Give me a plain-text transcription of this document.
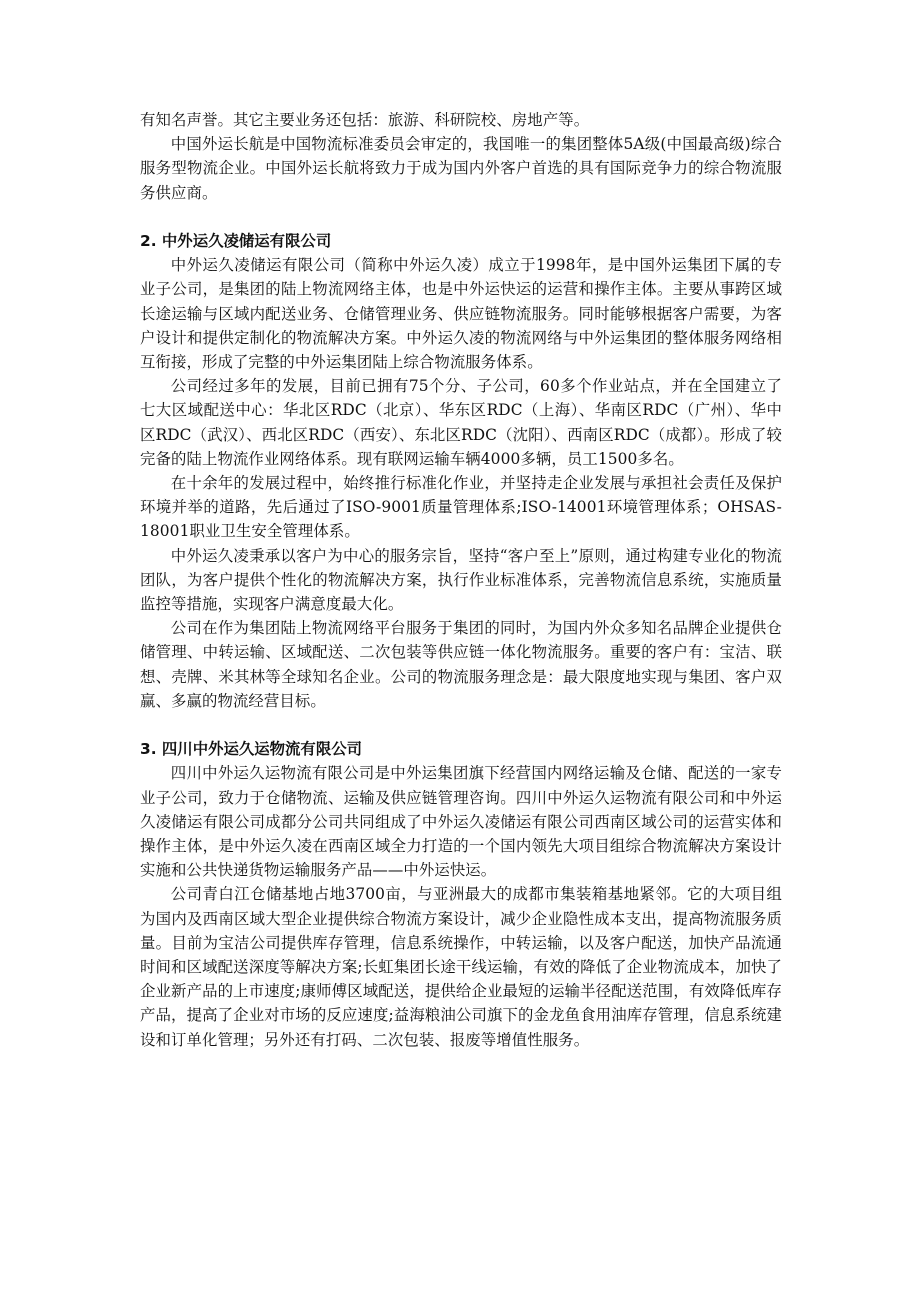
有知名声誉。其它主要业务还包括：旅游、科研院校、房地产等。

中国外运长航是中国物流标准委员会审定的，我国唯一的集团整体5A级(中国最高级)综合服务型物流企业。中国外运长航将致力于成为国内外客户首选的具有国际竞争力的综合物流服务供应商。

2. 中外运久凌储运有限公司

中外运久凌储运有限公司（简称中外运久凌）成立于1998年，是中国外运集团下属的专业子公司，是集团的陆上物流网络主体，也是中外运快运的运营和操作主体。主要从事跨区域长途运输与区域内配送业务、仓储管理业务、供应链物流服务。同时能够根据客户需要，为客户设计和提供定制化的物流解决方案。中外运久凌的物流网络与中外运集团的整体服务网络相互衔接，形成了完整的中外运集团陆上综合物流服务体系。

公司经过多年的发展，目前已拥有75个分、子公司，60多个作业站点，并在全国建立了七大区域配送中心：华北区RDC（北京）、华东区RDC（上海）、华南区RDC（广州）、华中区RDC（武汉）、西北区RDC（西安）、东北区RDC（沈阳）、西南区RDC（成都）。形成了较完备的陆上物流作业网络体系。现有联网运输车辆4000多辆，员工1500多名。

在十余年的发展过程中，始终推行标准化作业，并坚持走企业发展与承担社会责任及保护环境并举的道路，先后通过了ISO-9001质量管理体系;ISO-14001环境管理体系；OHSAS-18001职业卫生安全管理体系。

中外运久凌秉承以客户为中心的服务宗旨，坚持“客户至上”原则，通过构建专业化的物流团队，为客户提供个性化的物流解决方案，执行作业标准体系，完善物流信息系统，实施质量监控等措施，实现客户满意度最大化。

公司在作为集团陆上物流网络平台服务于集团的同时，为国内外众多知名品牌企业提供仓储管理、中转运输、区域配送、二次包装等供应链一体化物流服务。重要的客户有：宝洁、联想、壳牌、米其林等全球知名企业。公司的物流服务理念是：最大限度地实现与集团、客户双赢、多赢的物流经营目标。

3. 四川中外运久运物流有限公司

四川中外运久运物流有限公司是中外运集团旗下经营国内网络运输及仓储、配送的一家专业子公司，致力于仓储物流、运输及供应链管理咨询。四川中外运久运物流有限公司和中外运久凌储运有限公司成都分公司共同组成了中外运久凌储运有限公司西南区域公司的运营实体和操作主体，是中外运久凌在西南区域全力打造的一个国内领先大项目组综合物流解决方案设计实施和公共快递货物运输服务产品——中外运快运。

公司青白江仓储基地占地3700亩，与亚洲最大的成都市集装箱基地紧邻。它的大项目组为国内及西南区域大型企业提供综合物流方案设计，减少企业隐性成本支出，提高物流服务质量。目前为宝洁公司提供库存管理，信息系统操作，中转运输，以及客户配送，加快产品流通时间和区域配送深度等解决方案;长虹集团长途干线运输，有效的降低了企业物流成本，加快了企业新产品的上市速度;康师傅区域配送，提供给企业最短的运输半径配送范围，有效降低库存产品，提高了企业对市场的反应速度;益海粮油公司旗下的金龙鱼食用油库存管理，信息系统建设和订单化管理；另外还有打码、二次包装、报废等增值性服务。
